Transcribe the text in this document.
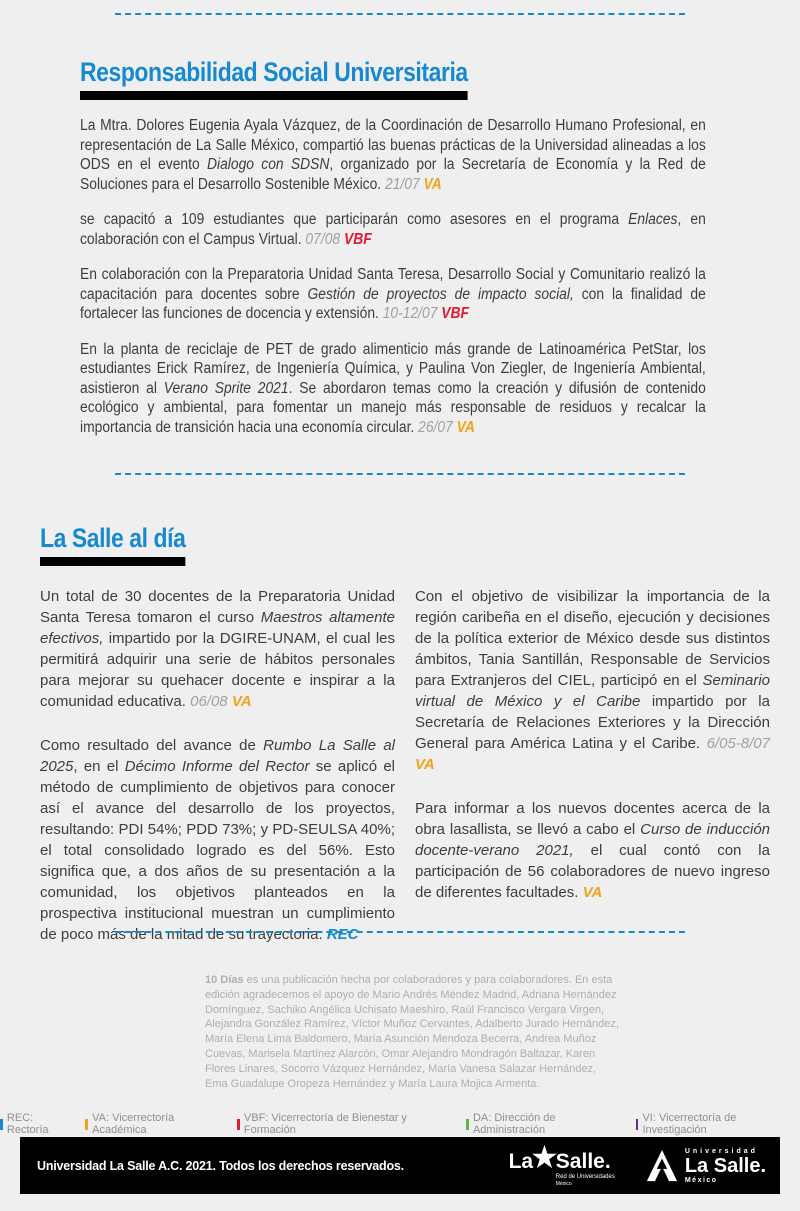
Responsabilidad Social Universitaria

La Mtra. Dolores Eugenia Ayala Vázquez, de la Coordinación de Desarrollo Humano Profesional, en representación de La Salle México, compartió las buenas prácticas de la Universidad alineadas a los ODS en el evento Dialogo con SDSN, organizado por la Secretaría de Economía y la Red de Soluciones para el Desarrollo Sostenible México. 21/07 VA

se capacitó a 109 estudiantes que participarán como asesores en el programa Enlaces, en colaboración con el Campus Virtual. 07/08 VBF

En colaboración con la Preparatoria Unidad Santa Teresa, Desarrollo Social y Comunitario realizó la capacitación para docentes sobre Gestión de proyectos de impacto social, con la finalidad de fortalecer las funciones de docencia y extensión. 10-12/07 VBF

En la planta de reciclaje de PET de grado alimenticio más grande de Latinoamérica PetStar, los estudiantes Erick Ramírez, de Ingeniería Química, y Paulina Von Ziegler, de Ingeniería Ambiental, asistieron al Verano Sprite 2021. Se abordaron temas como la creación y difusión de contenido ecológico y ambiental, para fomentar un manejo más responsable de residuos y recalcar la importancia de transición hacia una economía circular. 26/07 VA

La Salle al día

Un total de 30 docentes de la Preparatoria Unidad Santa Teresa tomaron el curso Maestros altamente efectivos, impartido por la DGIRE-UNAM, el cual les permitirá adquirir una serie de hábitos personales para mejorar su quehacer docente e inspirar a la comunidad educativa. 06/08 VA

Como resultado del avance de Rumbo La Salle al 2025, en el Décimo Informe del Rector se aplicó el método de cumplimiento de objetivos para conocer así el avance del desarrollo de los proyectos, resultando: PDI 54%; PDD 73%; y PD-SEULSA 40%; el total consolidado logrado es del 56%. Esto significa que, a dos años de su presentación a la comunidad, los objetivos planteados en la prospectiva institucional muestran un cumplimiento de poco más de la mitad de su trayectoria. REC

Con el objetivo de visibilizar la importancia de la región caribeña en el diseño, ejecución y decisiones de la política exterior de México desde sus distintos ámbitos, Tania Santillán, Responsable de Servicios para Extranjeros del CIEL, participó en el Seminario virtual de México y el Caribe impartido por la Secretaría de Relaciones Exteriores y la Dirección General para América Latina y el Caribe. 6/05-8/07 VA

Para informar a los nuevos docentes acerca de la obra lasallista, se llevó a cabo el Curso de inducción docente-verano 2021, el cual contó con la participación de 56 colaboradores de nuevo ingreso de diferentes facultades. VA

10 Días es una publicación hecha por colaboradores y para colaboradores. En esta edición agradecemos el apoyo de Mario Andrés Méndez Madrid, Adriana Hernández Domínguez, Sachiko Angélica Uchisato Maeshiro, Raúl Francisco Vergara Virgen, Alejandra González Ramírez, Víctor Muñoz Cervantes, Adalberto Jurado Hernández, María Elena Lima Baldomero, María Asunción Mendoza Becerra, Andrea Muñoz Cuevas, Marisela Martínez Alarcón, Omar Alejandro Mondragón Baltazar, Karen Flores Linares, Socorro Vázquez Hernández, María Vanesa Salazar Hernández, Ema Guadalupe Oropeza Hernández y María Laura Mojica Armenta.
REC: Rectoría
VA: Vicerrectoría Académica
VBF: Vicerrectoría de Bienestar y Formación
DA: Dirección de Administración
VI: Vicerrectoría de Investigación
Universidad La Salle A.C. 2021. Todos los derechos reservados.	La
★
Salle.
Red de Universidades
México
Universidad
La Salle.
México
